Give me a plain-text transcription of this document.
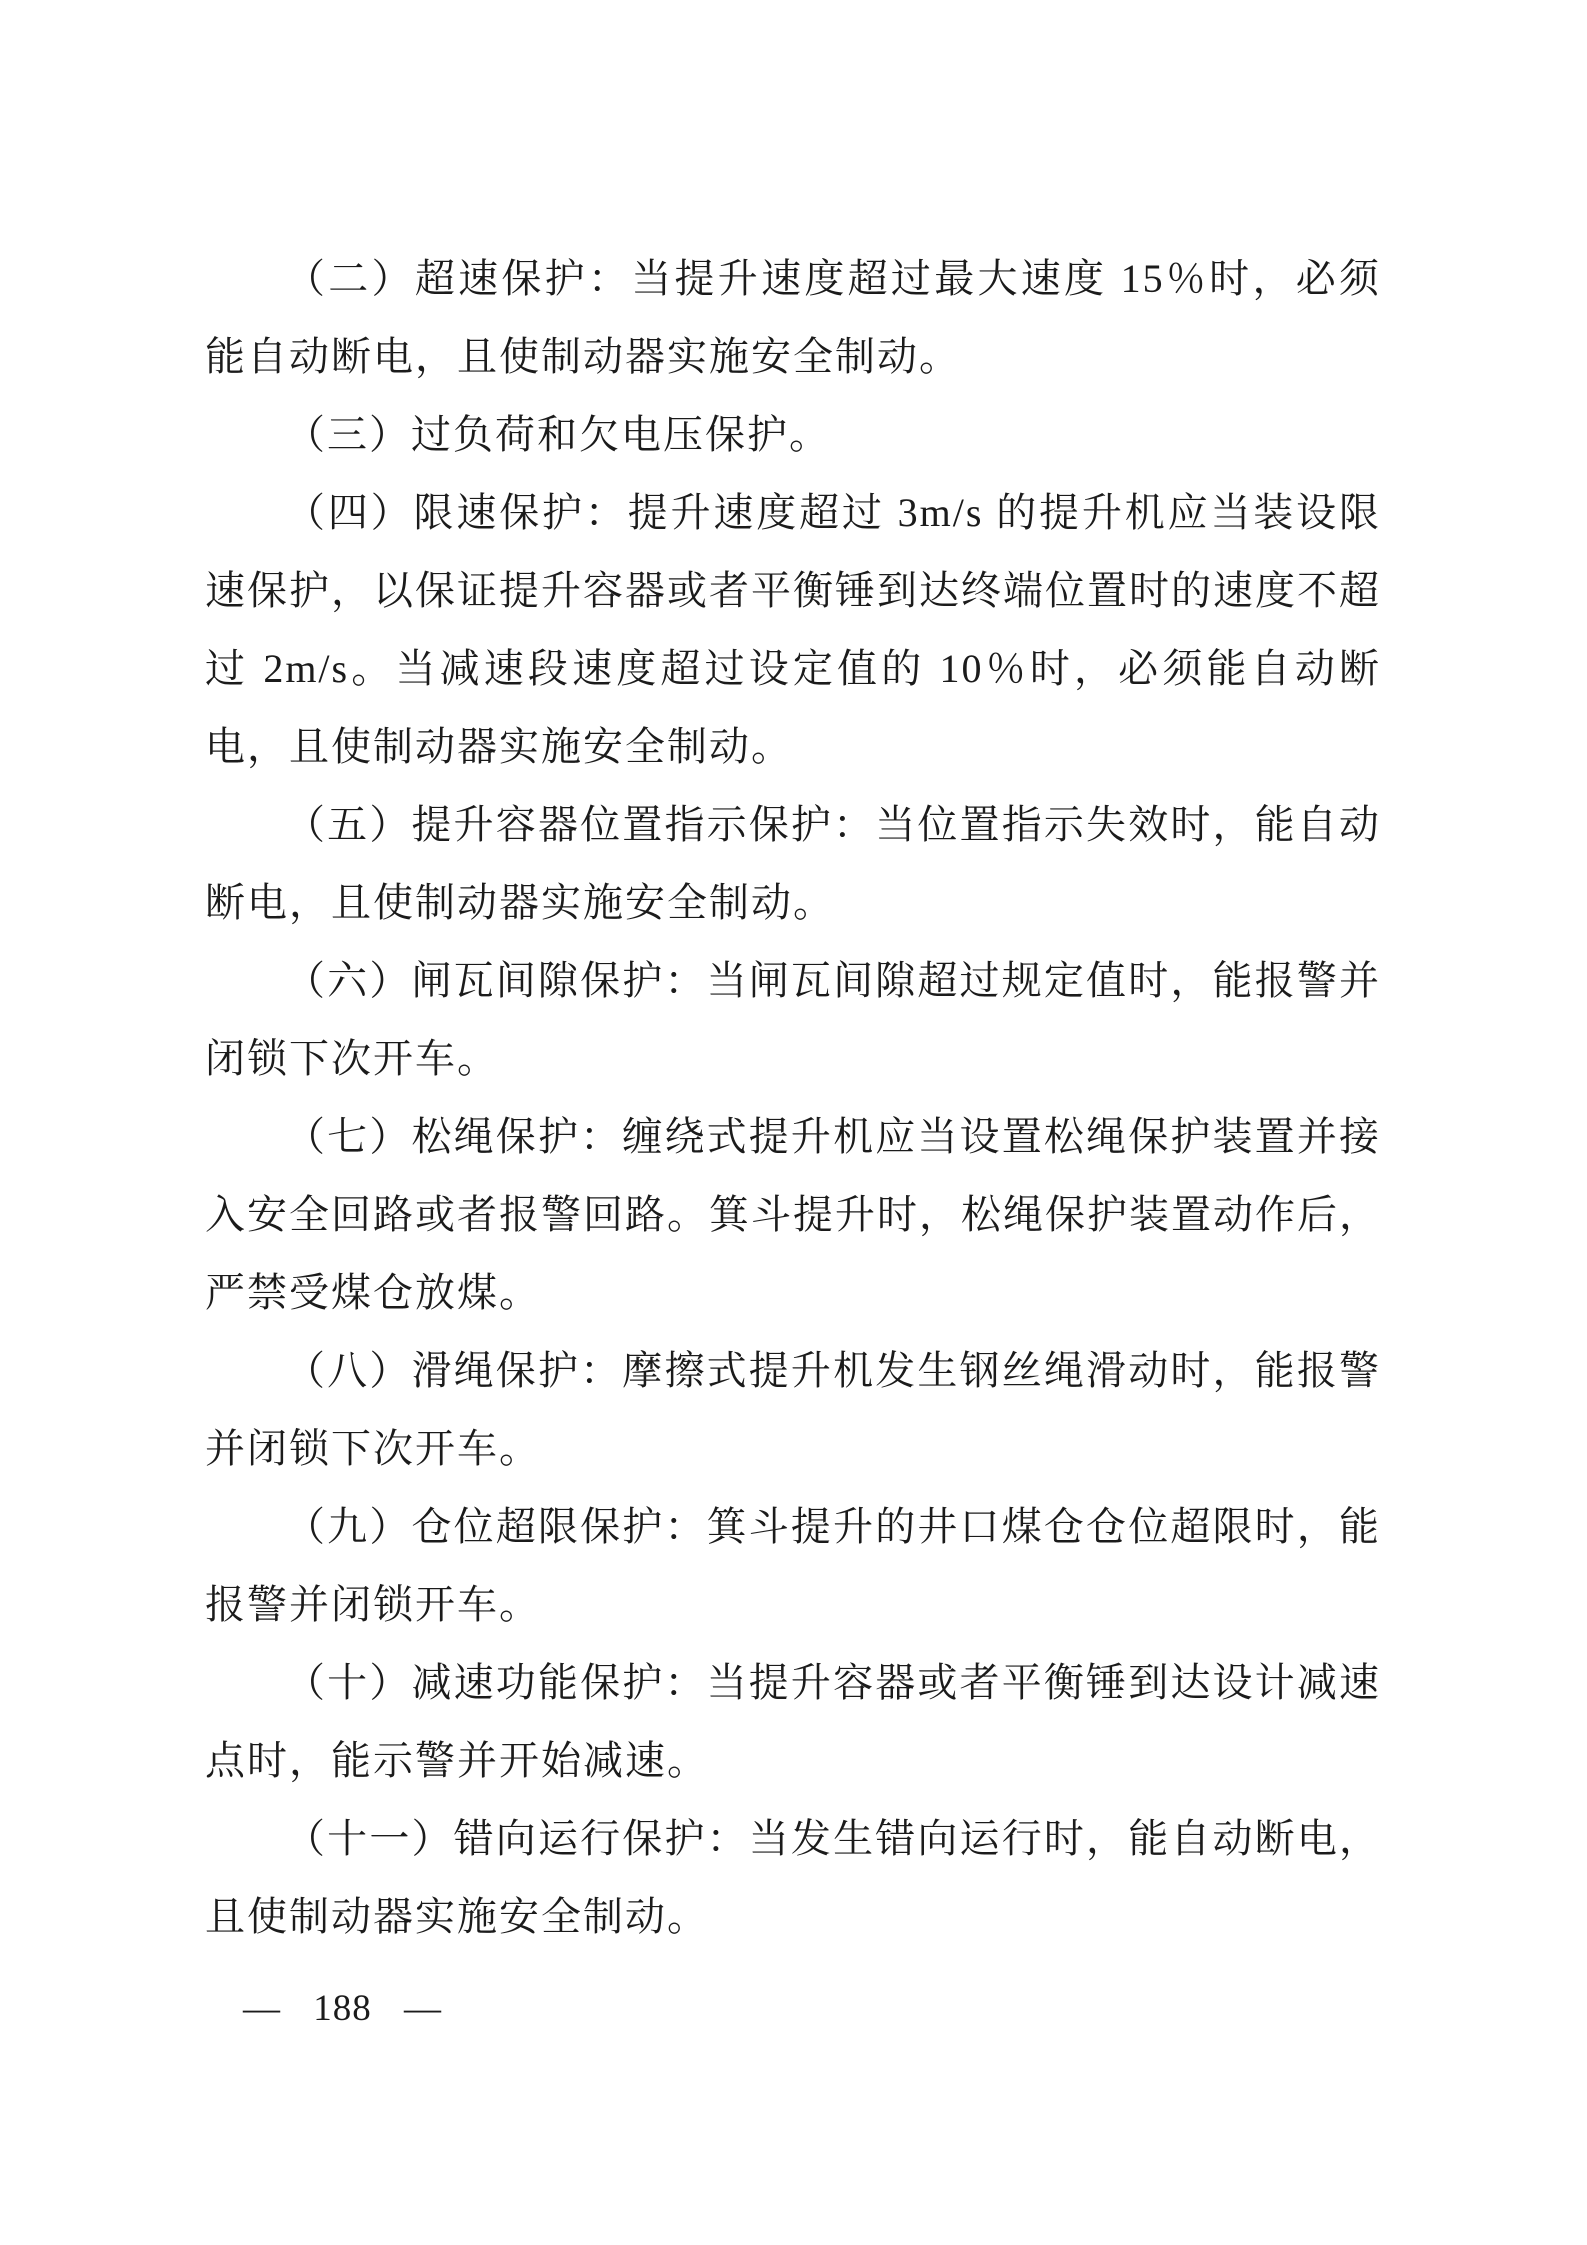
（二）超速保护：当提升速度超过最大速度 15％时，必须能自动断电，且使制动器实施安全制动。

（三）过负荷和欠电压保护。

（四）限速保护：提升速度超过 3m/s 的提升机应当装设限速保护，以保证提升容器或者平衡锤到达终端位置时的速度不超过 2m/s。当减速段速度超过设定值的 10％时，必须能自动断电，且使制动器实施安全制动。

（五）提升容器位置指示保护：当位置指示失效时，能自动断电，且使制动器实施安全制动。

（六）闸瓦间隙保护：当闸瓦间隙超过规定值时，能报警并闭锁下次开车。

（七）松绳保护：缠绕式提升机应当设置松绳保护装置并接入安全回路或者报警回路。箕斗提升时，松绳保护装置动作后，严禁受煤仓放煤。

（八）滑绳保护：摩擦式提升机发生钢丝绳滑动时，能报警并闭锁下次开车。

（九）仓位超限保护：箕斗提升的井口煤仓仓位超限时，能报警并闭锁开车。

（十）减速功能保护：当提升容器或者平衡锤到达设计减速点时，能示警并开始减速。

（十一）错向运行保护：当发生错向运行时，能自动断电，且使制动器实施安全制动。

— 188 —
